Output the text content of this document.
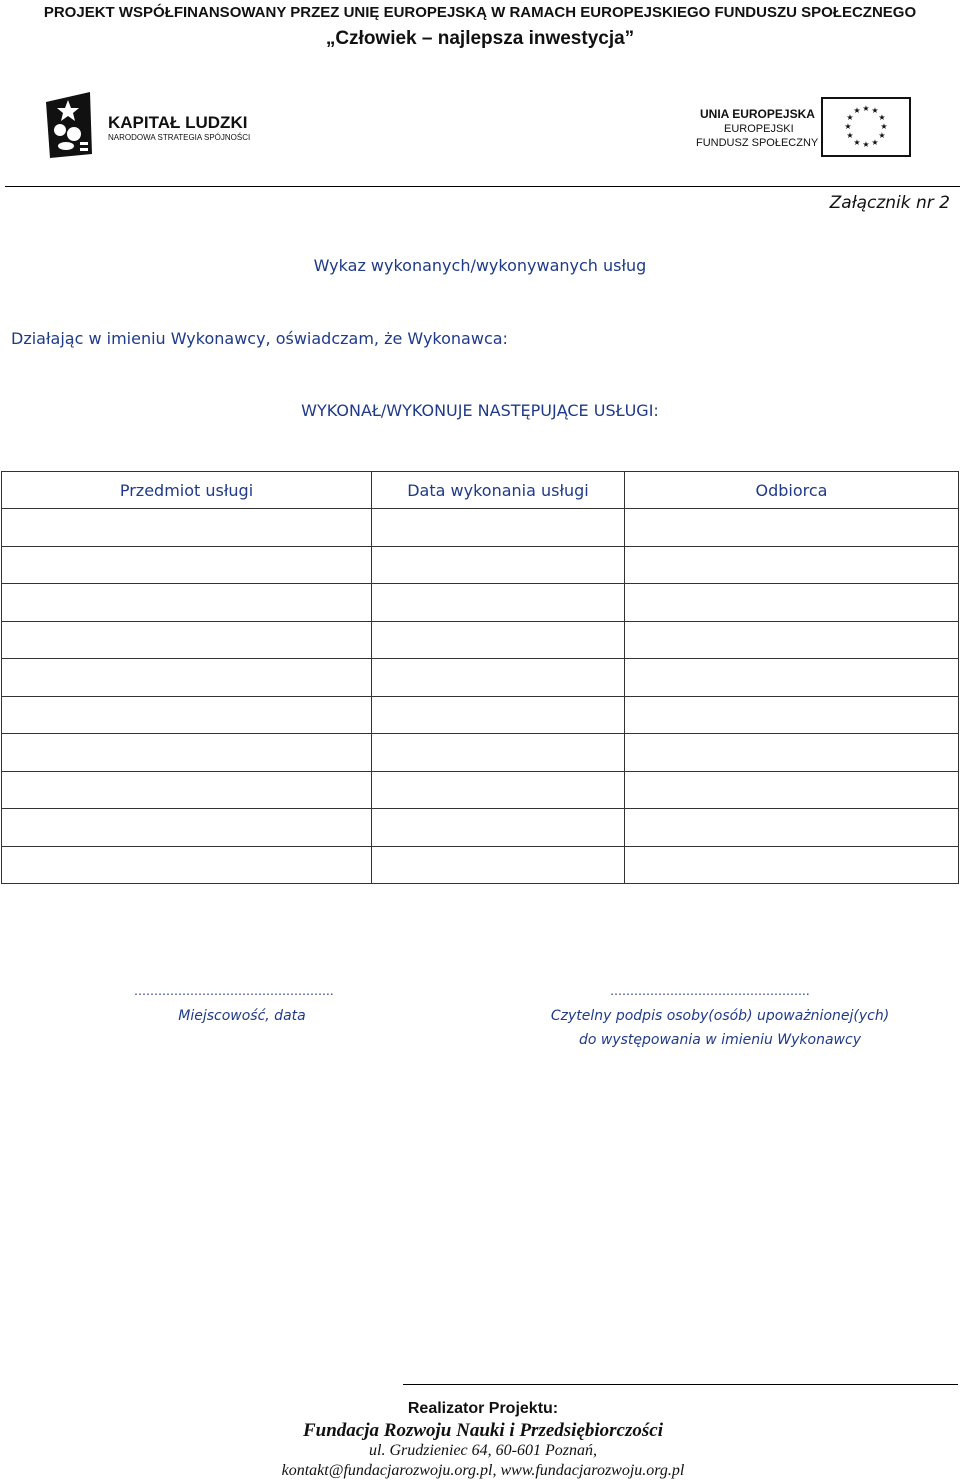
PROJEKT WSPÓŁFINANSOWANY PRZEZ UNIĘ EUROPEJSKĄ W RAMACH EUROPEJSKIEGO FUNDUSZU SPOŁECZNEGO
„Człowiek – najlepsza inwestycja”
KAPITAŁ LUDZKI
NARODOWA STRATEGIA SPÓJNOŚCI
UNIA EUROPEJSKA
EUROPEJSKI
FUNDUSZ SPOŁECZNY
★ ★
★
★
★
★
★
★
★
★
★
★
Załącznik nr 2
Wykaz wykonanych/wykonywanych usług
Działając w imieniu Wykonawcy, oświadczam, że Wykonawca:
WYKONAŁ/WYKONUJE NASTĘPUJĄCE USŁUGI:
Przedmiot usługi	Data wykonania usługi	Odbiorca

…………………………………………..
Miejscowość, data
…………………………………………..
Czytelny podpis osoby(osób) upoważnionej(ych)
do występowania w imieniu Wykonawcy
Realizator Projektu:
Fundacja Rozwoju Nauki i Przedsiębiorczości
ul. Grudzieniec 64, 60-601 Poznań,
kontakt@fundacjarozwoju.org.pl, www.fundacjarozwoju.org.pl
